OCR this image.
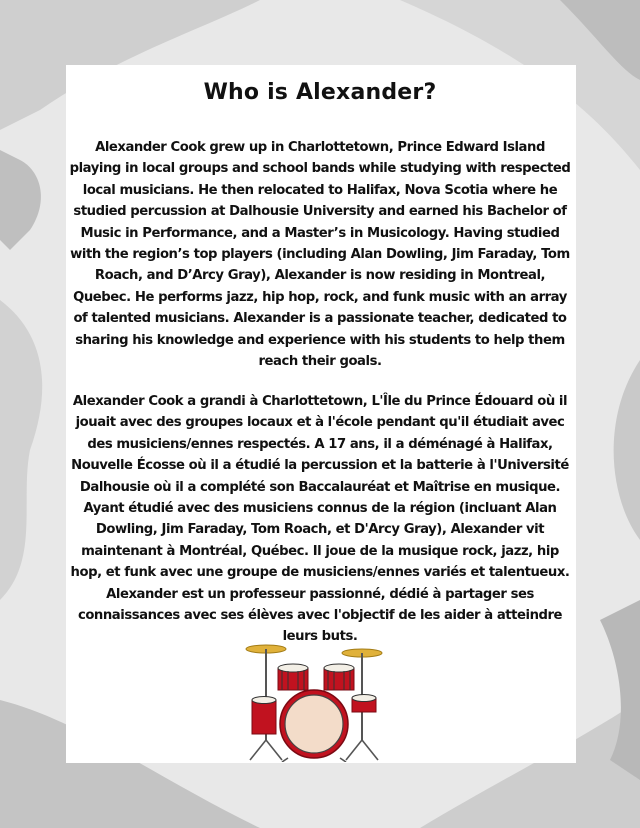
Who is Alexander?

Alexander Cook grew up in Charlottetown, Prince Edward Island playing in local groups and school bands while studying with respected local musicians. He then relocated to Halifax, Nova Scotia where he studied percussion at Dalhousie University and earned his Bachelor of Music in Performance, and a Master’s in Musicology. Having studied with the region’s top players (including Alan Dowling, Jim Faraday, Tom Roach, and D’Arcy Gray), Alexander is now residing in Montreal, Quebec. He performs jazz, hip hop, rock, and funk music with an array of talented musicians. Alexander is a passionate teacher, dedicated to sharing his knowledge and experience with his students to help them reach their goals.

Alexander Cook a grandi à Charlottetown, L'Île du Prince Édouard où il jouait avec des groupes locaux et à l'école pendant qu'il étudiait avec des musiciens/ennes respectés. A 17 ans, il a déménagé à Halifax, Nouvelle Écosse où il a étudié la percussion et la batterie à l'Université Dalhousie où il a complété son Baccalauréat et Maîtrise en musique. Ayant étudié avec des musiciens connus de la région (incluant Alan Dowling, Jim Faraday, Tom Roach, et D'Arcy Gray), Alexander vit maintenant à Montréal, Québec. Il joue de la musique rock, jazz, hip hop, et funk avec une groupe de musiciens/ennes variés et talentueux. Alexander est un professeur passionné, dédié à partager ses connaissances avec ses élèves avec l'objectif de les aider à atteindre leurs buts.
